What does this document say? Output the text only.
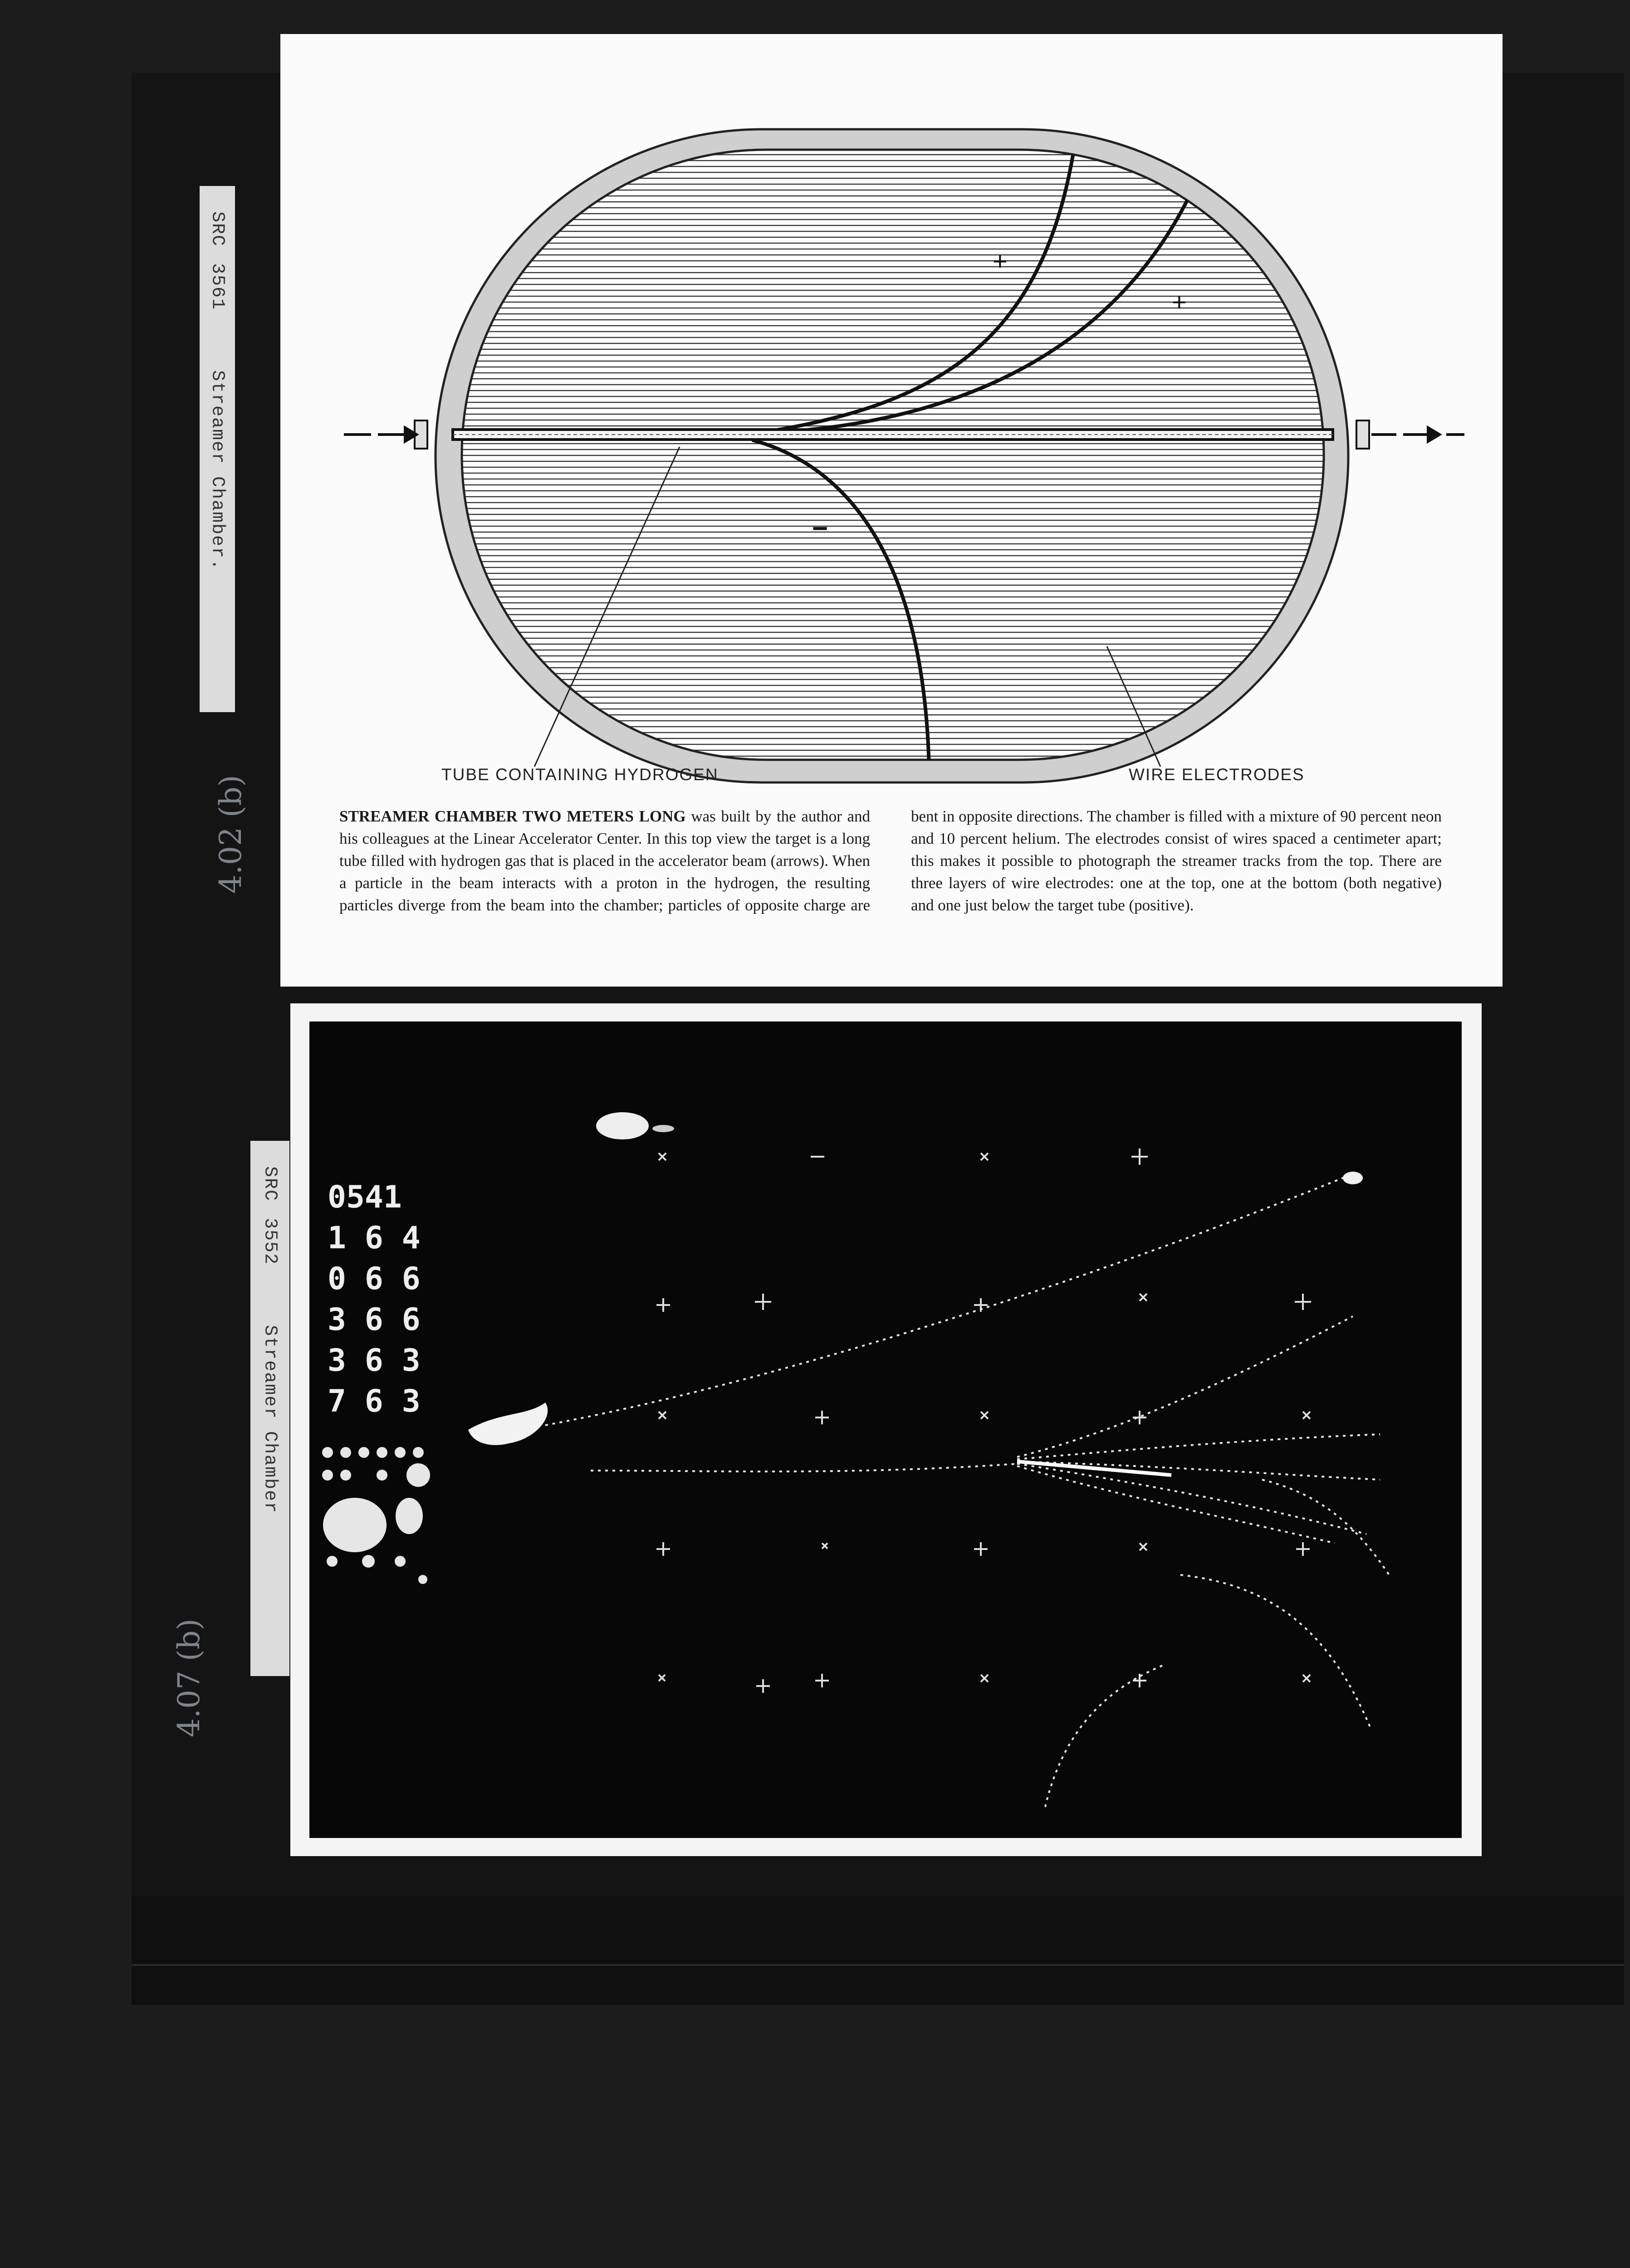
SRC
3561
Streamer Chamber.
SRC
3552
Streamer Chamber
4.02 (b)
4.07 (b)
+
+
−
TUBE CONTAINING HYDROGEN	WIRE ELECTRODES
STREAMER CHAMBER TWO METERS LONG was built by the author and his colleagues at the Linear Accelerator Center. In this top view the target is a long tube filled with hydrogen gas that is placed in the accelerator beam (arrows). When a particle in the beam interacts with a proton in the hydrogen, the resulting particles diverge from the beam into the chamber; particles of opposite charge are bent in opposite directions. The chamber is filled with a mixture of 90 percent neon and 10 percent helium. The electrodes consist of wires spaced a centimeter apart; this makes it possible to photograph the streamer tracks from the top. There are three layers of wire electrodes: one at the top, one at the bottom (both negative) and one just below the target tube (positive).
0541
1 6 4
0 6 6
3 6 6
3 6 3
7 6 3
